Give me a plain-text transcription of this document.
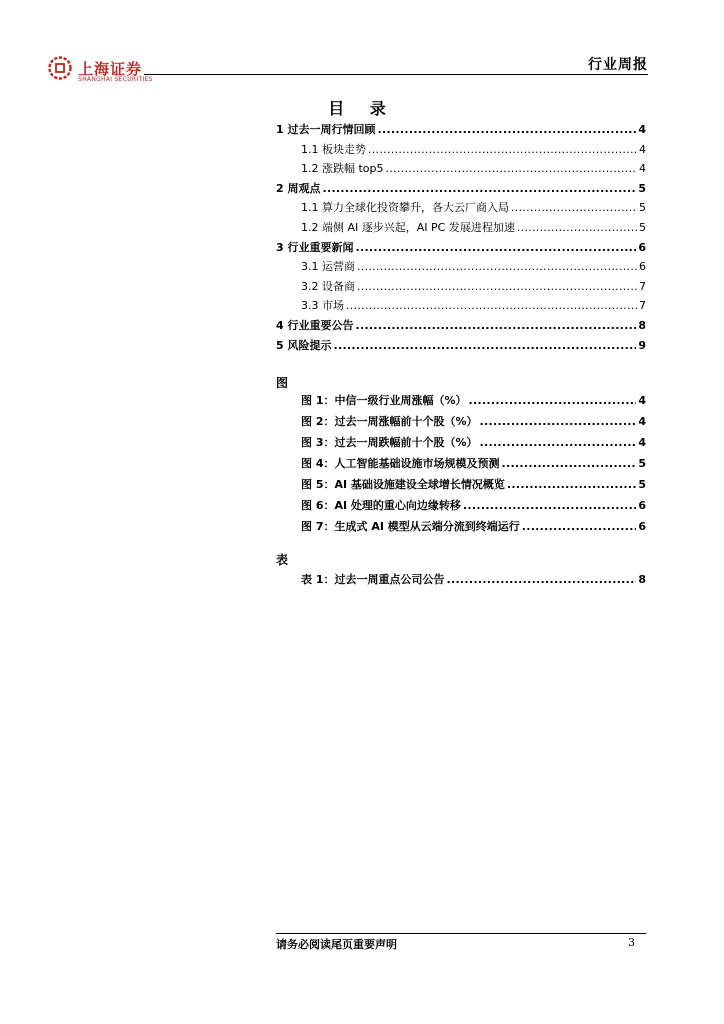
上海证券
SHANGHAI SECURITIES
行业周报
目 录
1 过去一周行情回顾 .....	4
1.1 板块走势 .....	4
1.2 涨跌幅 top5 .....	4
2 周观点 .....	5
1.1 算力全球化投资攀升，各大云厂商入局 .....	5
1.2 端侧 AI 逐步兴起，AI PC 发展进程加速 .....	5
3 行业重要新闻 .....	6
3.1 运营商 .....	6
3.2 设备商 .....	7
3.3 市场 .....	7
4 行业重要公告 .....	8
5 风险提示 .....	9
图
图 1：中信一级行业周涨幅（%） .....	4
图 2：过去一周涨幅前十个股（%） .....	4
图 3：过去一周跌幅前十个股（%） .....	4
图 4：人工智能基础设施市场规模及预测 .....	5
图 5：AI 基础设施建设全球增长情况概览 .....	5
图 6：AI 处理的重心向边缘转移 .....	6
图 7：生成式 AI 模型从云端分流到终端运行 .....	6
表
表 1：过去一周重点公司公告 .....	8
请务必阅读尾页重要声明	3
